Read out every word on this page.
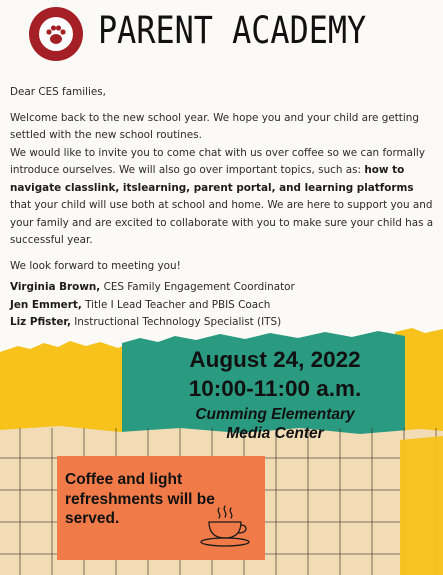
PARENT ACADEMY

Dear CES families,

Welcome back to the new school year. We hope you and your child are getting settled with the new school routines.

We would like to invite you to come chat with us over coffee so we can formally introduce ourselves. We will also go over important topics, such as: how to navigate classlink, itslearning, parent portal, and learning platforms that your child will use both at school and home. We are here to support you and your family and are excited to collaborate with you to make sure your child has a successful year.

We look forward to meeting you!

Virginia Brown, CES Family Engagement Coordinator

Jen Emmert, Title I Lead Teacher and PBIS Coach

Liz Pfister, Instructional Technology Specialist (ITS)

August 24, 2022
10:00-11:00 a.m.
Cumming Elementary
Media Center
Coffee and light refreshments will be served.
